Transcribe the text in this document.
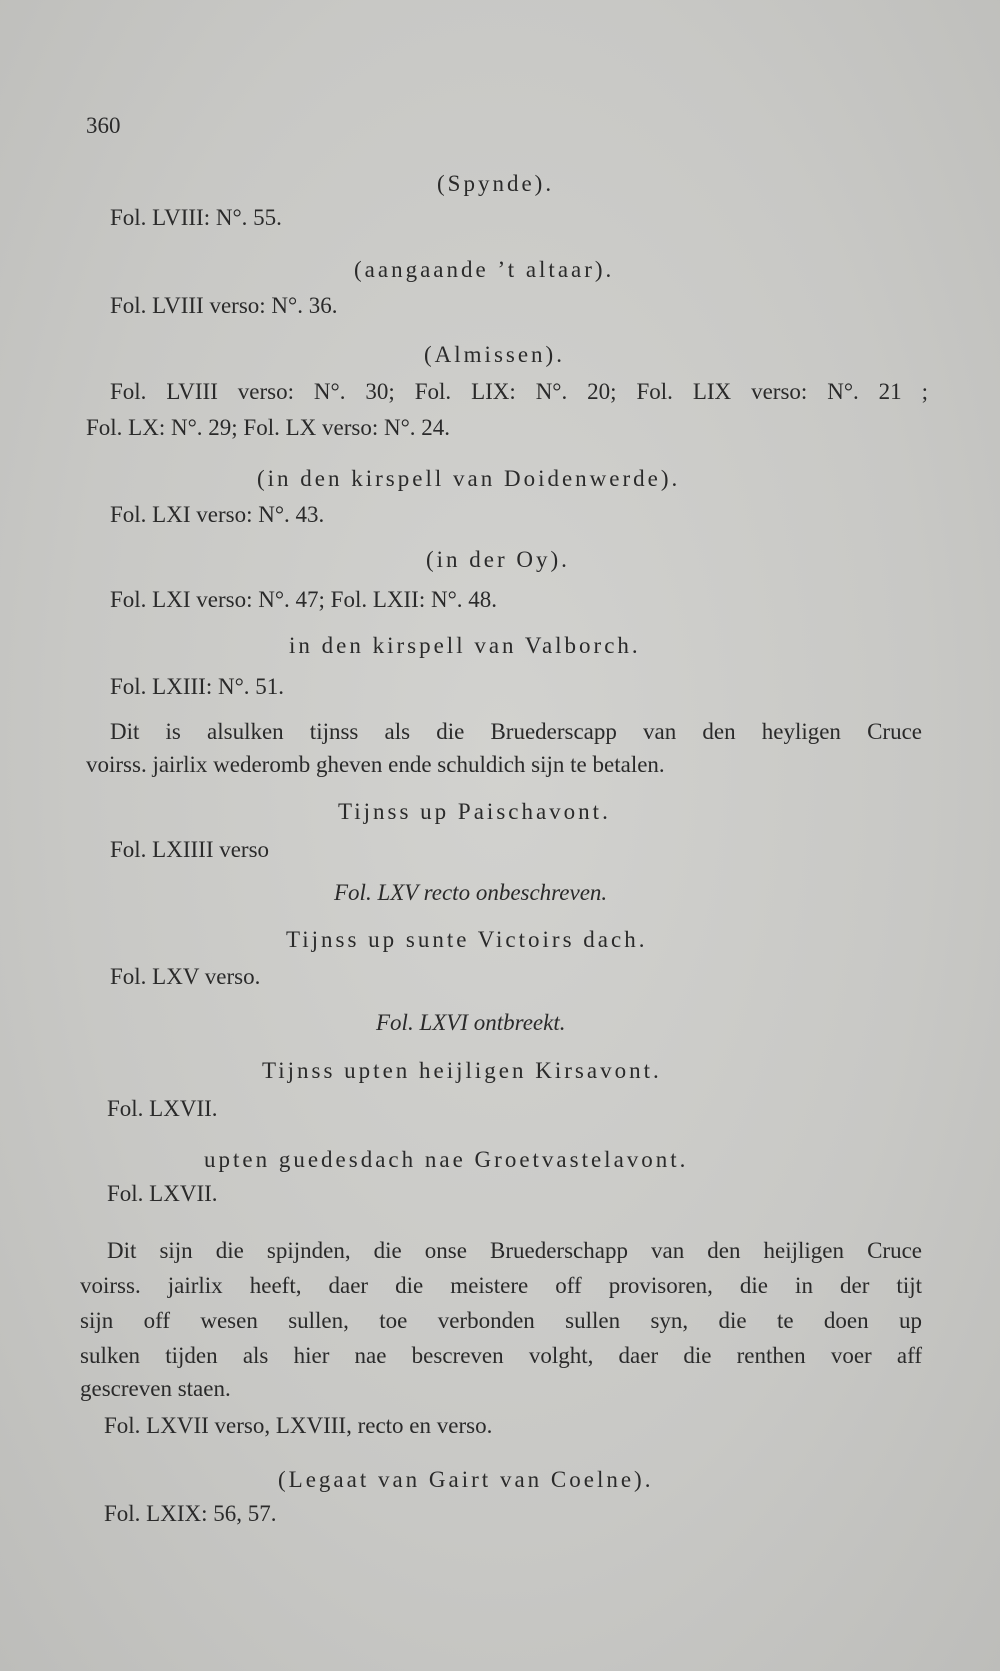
360
(Spynde).
Fol. LVIII: N°. 55.
(aangaande ’t altaar).
Fol. LVIII verso: N°. 36.
(Almissen).
Fol. LVIII verso: N°. 30; Fol. LIX: N°. 20; Fol. LIX verso: N°. 21 ;
Fol. LX: N°. 29; Fol. LX verso: N°. 24.
(in den kirspell van Doidenwerde).
Fol. LXI verso: N°. 43.
(in der Oy).
Fol. LXI verso: N°. 47; Fol. LXII: N°. 48.
in den kirspell van Valborch.
Fol. LXIII: N°. 51.
Dit is alsulken tijnss als die Bruederscapp van den heyligen Cruce
voirss. jairlix wederomb gheven ende schuldich sijn te betalen.
Tijnss up Paischavont.
Fol. LXIIII verso
Fol. LXV recto onbeschreven.
Tijnss up sunte Victoirs dach.
Fol. LXV verso.
Fol. LXVI ontbreekt.
Tijnss upten heijligen Kirsavont.
Fol. LXVII.
upten guedesdach nae Groetvastelavont.
Fol. LXVII.
Dit sijn die spijnden, die onse Bruederschapp van den heijligen Cruce
voirss. jairlix heeft, daer die meistere off provisoren, die in der tijt
sijn off wesen sullen, toe verbonden sullen syn, die te doen up
sulken tijden als hier nae bescreven volght, daer die renthen voer aff
gescreven staen.
Fol. LXVII verso, LXVIII, recto en verso.
(Legaat van Gairt van Coelne).
Fol. LXIX: 56, 57.
